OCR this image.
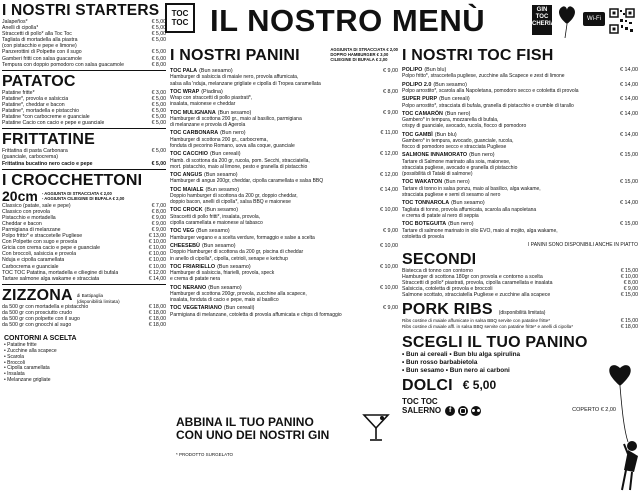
TOC
TOC IL NOSTRO MENÙ	GIN TOC CHERIA
Wi-Fi
I NOSTRI STARTERS
Jalapeños*	€ 5,00
Anelli di cipolla*	€ 5,00
Straccetti di pollo* alla Toc Toc	€ 5,00
Tagliata di mortadella alla piastra	€ 5,00
(con pistacchio e pepe e limone)
Panzerottini di Polpette con il sugo	€ 5,00
Gamberi fritti con salsa guacamole	€ 6,00
Tempura con doppio pomodoro con salsa guacamole	€ 8,00
PATATOC
Patatine fritte*	€ 3,00
Patatine*, provola e salsiccia	€ 5,00
Patatine*, cheddar e bacon	€ 5,00
Patatine*, mortadella e pistacchio	€ 5,00
Patatine *con carbocreme e guanciale	€ 5,00
Patatine Cacio con cacio e pepe e guanciale	€ 5,00
FRITTATINE
Frittatina di pasta Carbonara	€ 5,00
(guanciale, carbocrema)
Frittatina bucatino nero cacio e pepe	€ 5,00
I CROCCHETTONI
20cm - AGGIUNTA DI STRACCIATA € 2,00
- AGGIUNTA CILIEGINE DI BUFALA € 2,00
Classico (patate, sale e pepe)	€ 7,00
Classico con provola	€ 8,00
Pistacchio e mortadella	€ 9,00
Cheddar e bacon	€ 9,00
Parmigiana di melanzane	€ 9,00
Polpo fritto* e straccetelle Pugliese	€ 13,00
Con Polpette con sugo e provola	€ 10,00
Gricia con crema cacio e pepe e guanciale	€ 10,00
Con broccoli, salsiccia e provola	€ 10,00
Nduja e cipolla caramellata	€ 10,00
Carbocrema e guanciale	€ 10,00
TOC TOC Patatina, mortadella e ciliegine di bufala	€ 12,00
Tartare salmone alga wakame e stracciata	€ 14,00
ZIZZONA di Battipaglia
(disponibilità limitata)
da 500 gr con mortadella e pistacchio	€ 18,00
da 500 gr con prosciutto crudo	€ 18,00
da 500 gr con polpette con il sugo	€ 18,00
da 500 gr con gnocchi al sugo	€ 18,00
CONTORNI A SCELTA
• Patatine fritte
• Zucchine alla scapece
• Scarola
• Broccoli
• Cipolla caramellata
• Insalata
• Melanzane grigliate
I NOSTRI PANINI	AGGIUNTA DI STRACCIATA € 2,00
DOPPIO HAMBURGER € 3,00
CILIEGINE DI BUFALA € 2,00
TOC PALA (Bun sesamo)	€ 9,00
Hamburger di salsiccia di maiale nero, provola affumicata,
salsa alla 'nduja, melanzane grigliate e cipolla di Tropea caramellata
TOC WRAP (Piadina)	€ 8,00
Wrap con straccetti di pollo piastrati*,
insalata, maionese e cheddar
TOC MULIGNANA (Bun sesamo)	€ 9,00
Hamburger di scottona 200 gr., maio al basilico, parmigiana
di melanzane e provola di Agerola
TOC CARBONARA (Bun nero)	€ 11,00
Hamburger di scottona 200 gr., carbocrema,
fonduta di pecorino Romano, uova alla coque, guanciale
TOC CACCHIO (Bun cereali)	€ 12,00
Hamb. di scottona da 200 gr, rucola, pom. Secchi, stracciatella,
mort. pistacchio, maio al limone, pesto e granella di pistacchio
TOC ANGUS (Bun sesamo)	€ 12,00
Hamburger di angus 200gr, cheddar, cipolla caramellata e salsa BBQ
TOC MAIALE (Bun sesamo)	€ 14,00
Doppio hamburger di scottona da 200 gr, doppio cheddar,
doppio bacon, anelli di cipolla*, salsa BBQ e maionese
TOC CROCK (Bun sesamo)	€ 10,00
Straccetti di pollo fritti*, insalata, provola,
cipolla caramellata e maionese al tabasco
TOC VEG (Bun sesamo)	€ 9,00
Hamburger vegano e a scelta verdure, formaggio e salse a scelta
CHEESEBÙ (Bun sesamo)	€ 10,00
Doppio Hamburger di scottona da 200 gr, piscina di cheddar
in anello di cipolla*, cipolla, cetrioli, senape e ketchup
TOC FRIARIELLO (Bun sesamo)	€ 10,00
Hamburger di salsiccia, friarielli, provola, speck
e crema di patate nera
TOC NERANO (Bun sesamo)	€ 10,00
Hamburger di scottona 200gr, provola, zucchine alla scapece,
insalata, fonduta di cacio e pepe, maio al basilico
TOC VEGETARIANO (Bun cereali)	€ 9,00
Parmigiana di melanzane, cotoletta di provola affumicata e chips di formaggio
ABBINA IL TUO PANINO
CON UNO DEI NOSTRI GIN
* PRODOTTO SURGELATO
I NOSTRI TOC FISH
POLIPO (Bun blu)	€ 14,00
Polpo fritto*, straccetella pugliese, zucchine alla Scapece e zest di limone
POLIPO 2.0 (Bun sesamo)	€ 14,00
Polpo arrostito*, scarola alla Napoletana, pomodoro secco e cotoletta di provola
SUPER PURP (Bun cereali)	€ 14,00
Polpo arrostito*, stracciata di bufala, granella di pistacchio e crumble di tarallo
TOC CAMARÒN (Bun nero)	€ 14,00
Gambero* in tempura, mozzarella di bufala,
crispy di guanciale, avocado, rucola, fiocco di pomodoro
TOC GAMBÌ (Bun blu)	€ 14,00
Gambero* in tempura, avocado, guanciale, rucola,
fiocco di pomodoro secco e stracciata Pugliese
SALMONE INNAMORATO (Bun nero)	€ 15,00
Tartare di Salmone marinato alla soia, maionese,
stracciata pugliese, avocado e granella di pistacchio
(possibilità di Tataki di salmone)
TOC WAKATON (Bun nero)	€ 15,00
Tartare di tonno in salsa ponzu, maio al basilico, alga wakame,
stracciata pugliese e semi di sesamo al nero
TOC TONNAROLA (Bun sesamo)	€ 14,00
Tagliata di tonno, provola affumicata, scarola alla napoletana
e crema di patate al nero di seppia
TOC BOTEGUITA (Bun nero)	€ 15,00
Tartare di salmone marinato in olio EVO, maio al mojito, alga wakame,
cotoletta di provola
I PANINI SONO DISPONIBILI ANCHE IN PIATTO
SECONDI
Bistecca di tonno con contorno	€ 15,00
Hamburger di scottona 180gr con provola e contorno a scelta	€ 10,00
Straccetti di pollo* piastrati, provola, cipolla caramellata e insalata	€ 8,00
Salsiccia, cotoletta di provola e broccoli	€ 9,00
Salmone scottato, stracciatella Pugliese e zucchine alla scapece	€ 15,00
PORK RIBS (disponibilità limitata)
Ribs costine di maiale affumicate in salsa BBQ servite con patatine fritte*	€ 15,00
Ribs costine di maiale affl. in salsa BBQ servite con patatine fritte* e anelli di cipolla*	€ 18,00
SCEGLI IL TUO PANINO
• Bun ai cereali • Bun blu alga spirulina
• Bun rosso barbabietola
• Bun sesamo • Bun nero ai carboni
DOLCI € 5,00
TOC TOC
SALERNO	f	COPERTO € 2,00
